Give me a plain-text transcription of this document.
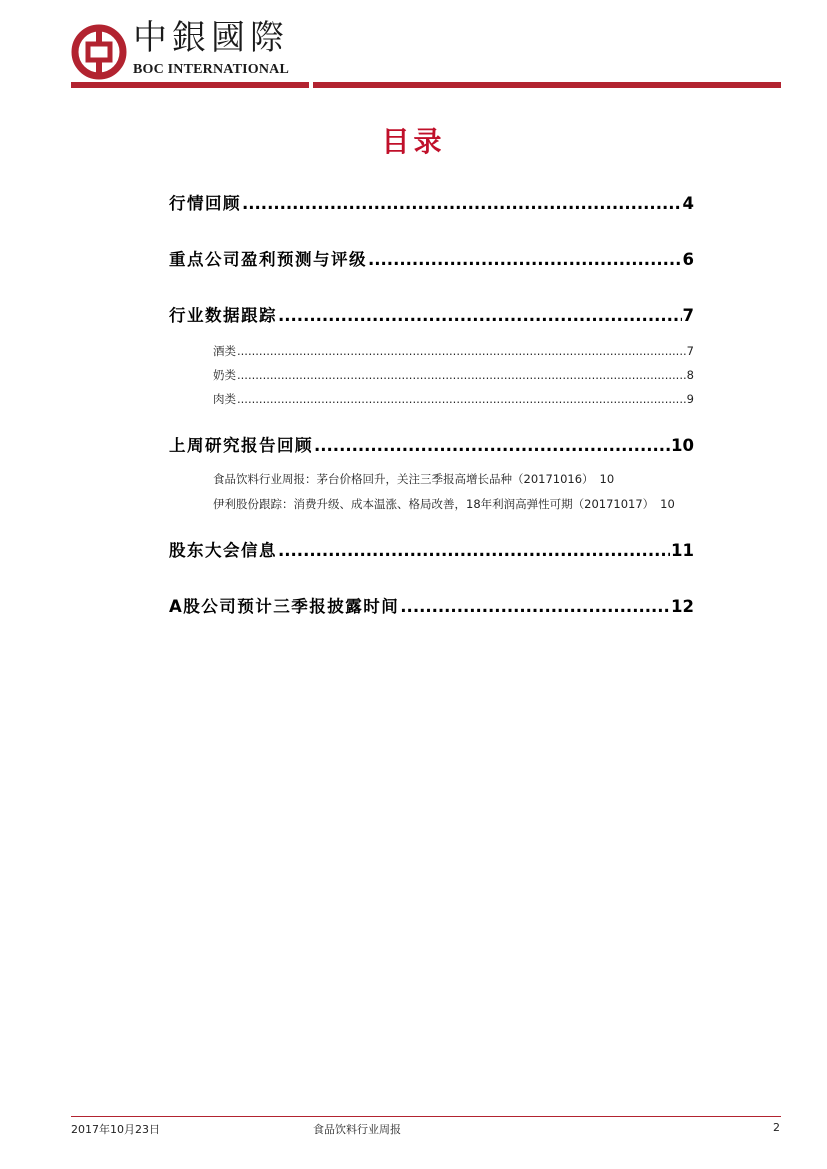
中銀國際
BOC INTERNATIONAL
目录
行情回顾 .....	4
重点公司盈利预测与评级 .....	6
行业数据跟踪 .....	7
酒类 .....	7
奶类 .....	8
肉类 .....	9
上周研究报告回顾 .....	10
食品饮料行业周报：茅台价格回升，关注三季报高增长品种（20171016） 10
伊利股份跟踪：消费升级、成本温涨、格局改善，18年利润高弹性可期（20171017） 10
股东大会信息 .....	11
A股公司预计三季报披露时间 .....	12
2017年10月23日	食品饮料行业周报	2
